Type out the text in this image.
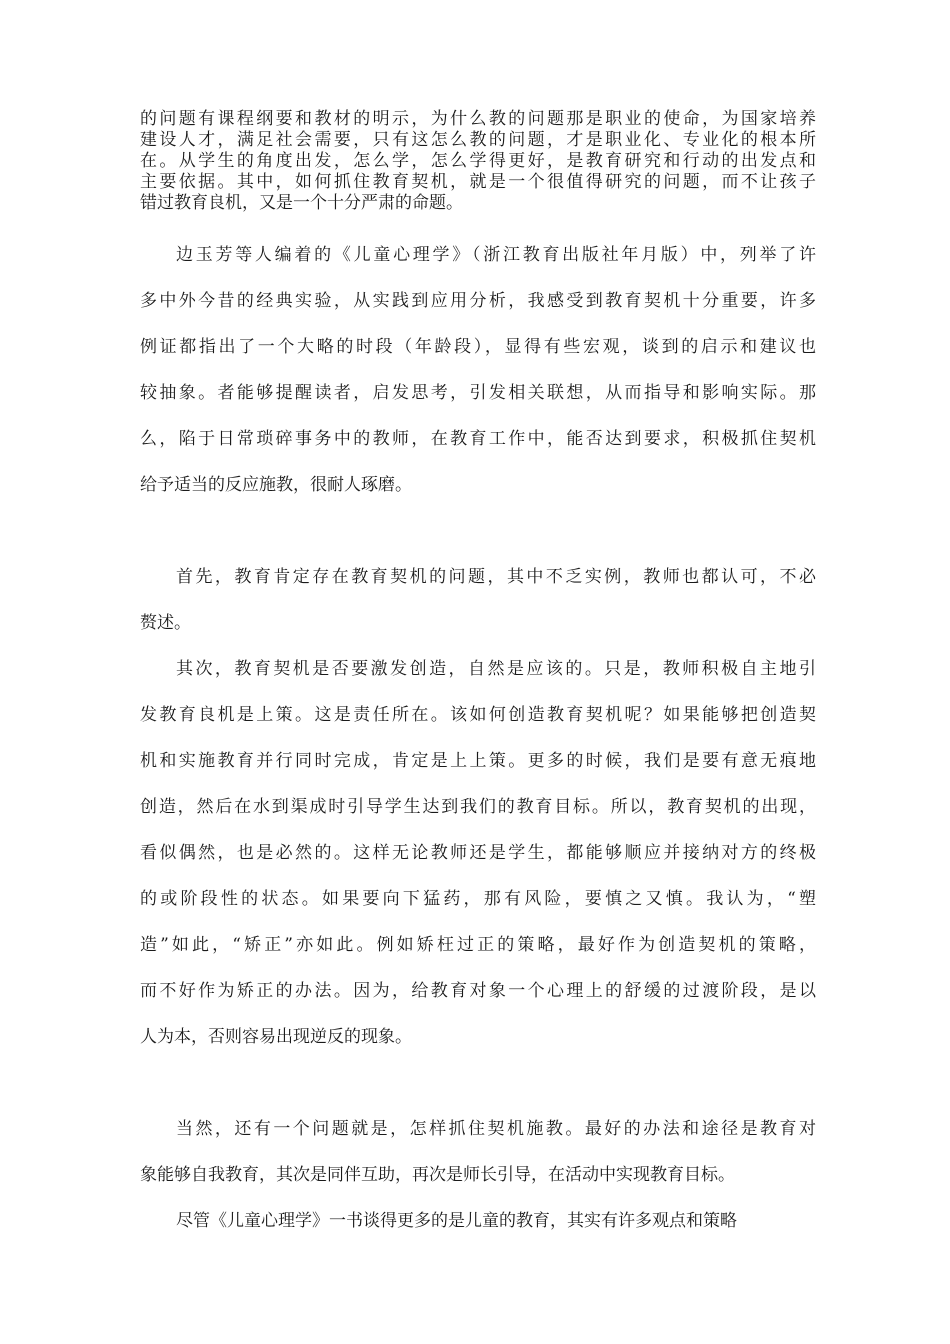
的问题有课程纲要和教材的明示，为什么教的问题那是职业的使命，为国家培养
建设人才，满足社会需要，只有这怎么教的问题，才是职业化、专业化的根本所
在。从学生的角度出发，怎么学，怎么学得更好，是教育研究和行动的出发点和
主要依据。其中，如何抓住教育契机，就是一个很值得研究的问题，而不让孩子
错过教育良机，又是一个十分严肃的命题。
边玉芳等人编着的《儿童心理学》（浙江教育出版社年月版）中，列举了许
多中外今昔的经典实验，从实践到应用分析，我感受到教育契机十分重要，许多
例证都指出了一个大略的时段（年龄段），显得有些宏观，谈到的启示和建议也
较抽象。者能够提醒读者，启发思考，引发相关联想，从而指导和影响实际。那
么，陷于日常琐碎事务中的教师，在教育工作中，能否达到要求，积极抓住契机
给予适当的反应施教，很耐人琢磨。
首先，教育肯定存在教育契机的问题，其中不乏实例，教师也都认可，不必
赘述。
其次，教育契机是否要激发创造，自然是应该的。只是，教师积极自主地引
发教育良机是上策。这是责任所在。该如何创造教育契机呢？如果能够把创造契
机和实施教育并行同时完成，肯定是上上策。更多的时候，我们是要有意无痕地
创造，然后在水到渠成时引导学生达到我们的教育目标。所以，教育契机的出现，
看似偶然，也是必然的。这样无论教师还是学生，都能够顺应并接纳对方的终极
的或阶段性的状态。如果要向下猛药，那有风险，要慎之又慎。我认为，“塑
造”如此，“矫正”亦如此。例如矫枉过正的策略，最好作为创造契机的策略，
而不好作为矫正的办法。因为，给教育对象一个心理上的舒缓的过渡阶段，是以
人为本，否则容易出现逆反的现象。
当然，还有一个问题就是，怎样抓住契机施教。最好的办法和途径是教育对
象能够自我教育，其次是同伴互助，再次是师长引导，在活动中实现教育目标。
尽管《儿童心理学》一书谈得更多的是儿童的教育，其实有许多观点和策略
